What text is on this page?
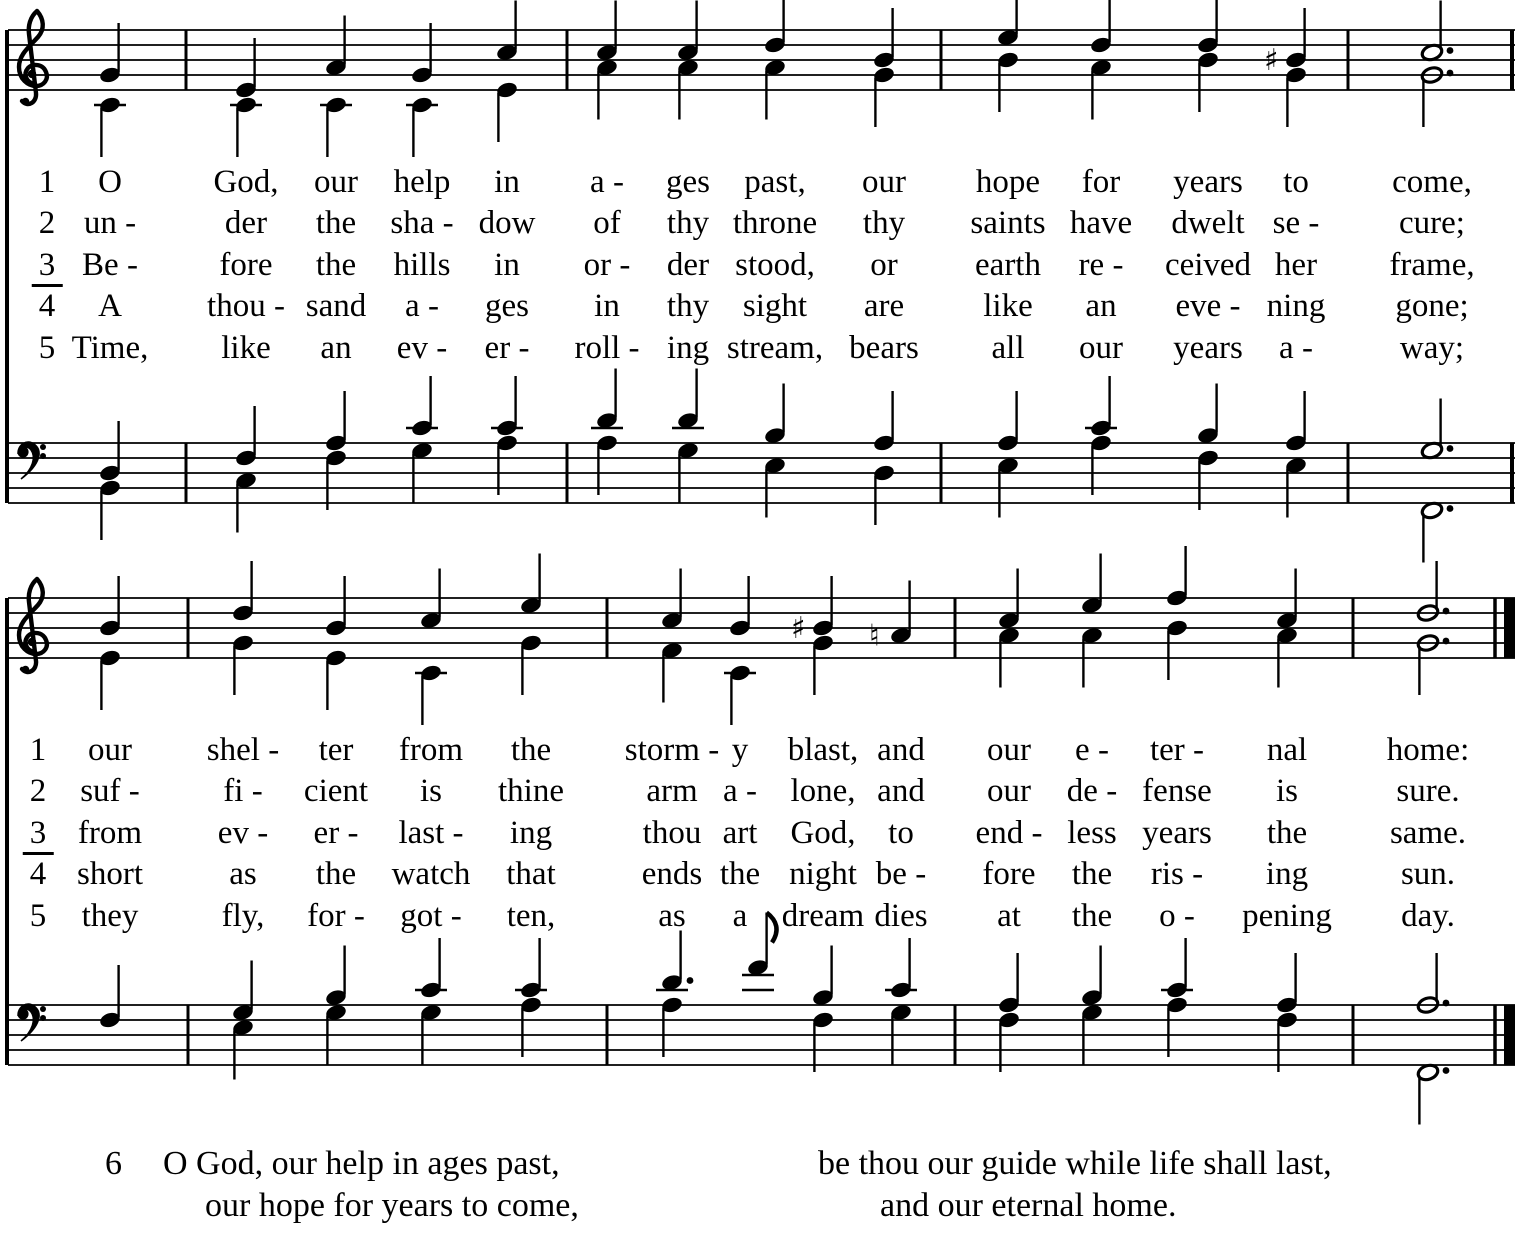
♯
♯ ♮
1 O	God, our help in a - ges past, our hope for years to	come,
2 un -	der the sha - dow of thy throne thy saints have dwelt se - cure;
3 Be - fore the hills in or - der stood, or earth re - ceived her frame,
4 A	thou - sand a - ges in thy sight are like an eve - ning gone;
5 Time, like an ev - er - roll - ing stream, bears all our years a -	way;
1 our shel - ter from the storm - y blast, and our e - ter - nal home:
2 suf -	fi - cient is thine arm a - lone, and our de - fense is	sure.
3 from ev - er - last - ing	thou art God, to end - less years the	same.
4 short	as the watch that	ends the night be - fore the ris - ing	sun.
5 they	fly, for - got - ten,	as a dream dies at the o - pening day.
6 O God, our help in ages past,
our hope for years to come,
be thou our guide while life shall last,
and our eternal home.
